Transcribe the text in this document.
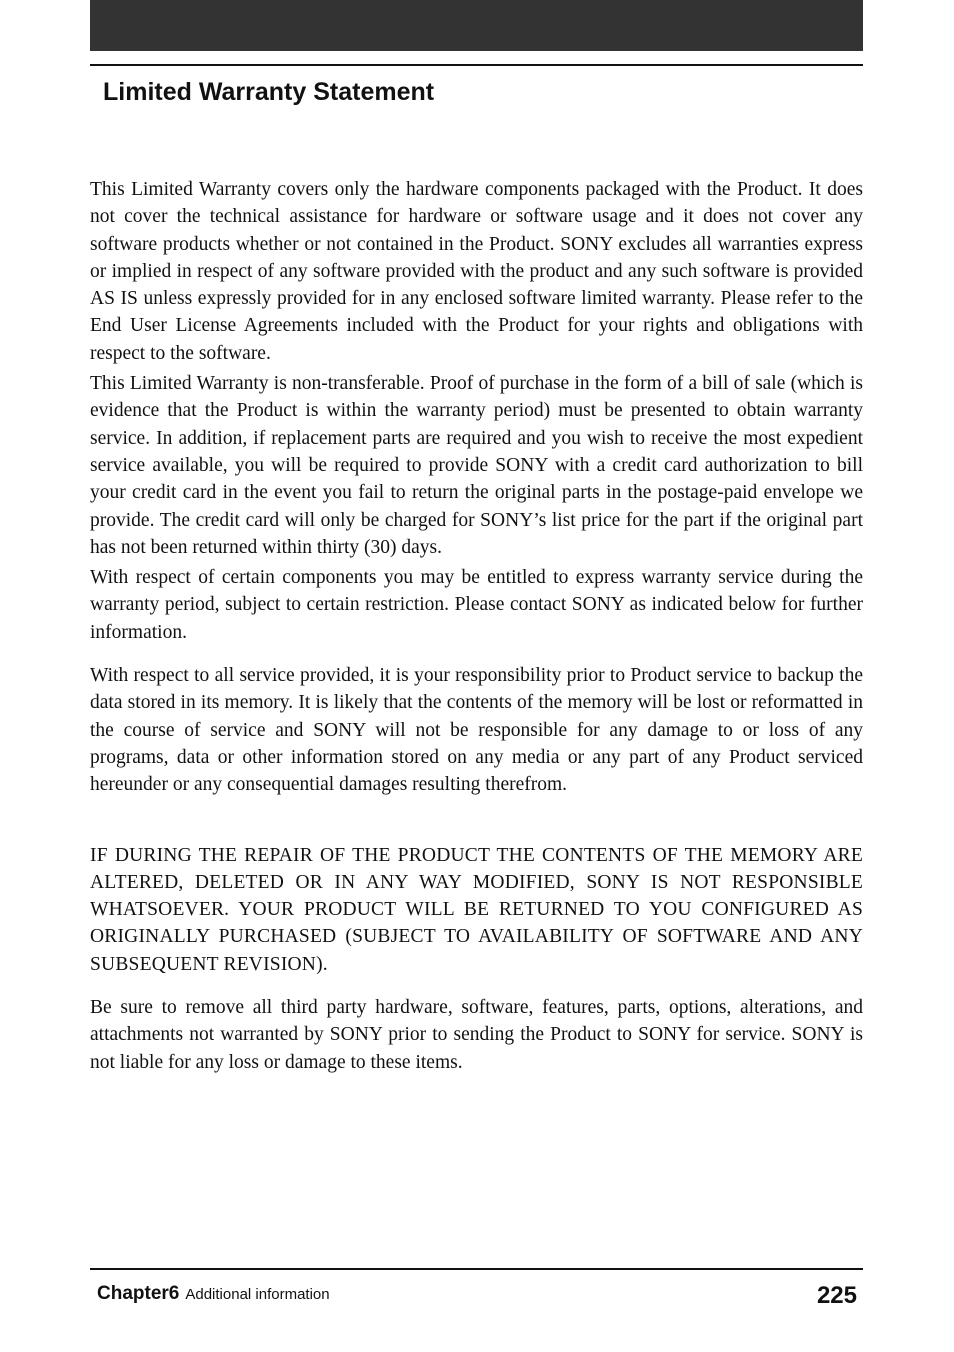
Limited Warranty Statement

This Limited Warranty covers only the hardware components packaged with the Product. It does not cover the technical assistance for hardware or software usage and it does not cover any software products whether or not contained in the Product. SONY excludes all warranties express or implied in respect of any software provided with the product and any such software is provided AS IS unless expressly provided for in any enclosed software limited warranty. Please refer to the End User License Agreements included with the Product for your rights and obligations with respect to the software.

This Limited Warranty is non-transferable. Proof of purchase in the form of a bill of sale (which is evidence that the Product is within the warranty period) must be presented to obtain warranty service. In addition, if replacement parts are required and you wish to receive the most expedient service available, you will be required to provide SONY with a credit card authorization to bill your credit card in the event you fail to return the original parts in the postage-paid envelope we provide. The credit card will only be charged for SONY’s list price for the part if the original part has not been returned within thirty (30) days.

With respect of certain components you may be entitled to express warranty service during the warranty period, subject to certain restriction. Please contact SONY as indicated below for further information.

With respect to all service provided, it is your responsibility prior to Product service to backup the data stored in its memory. It is likely that the contents of the memory will be lost or reformatted in the course of service and SONY will not be responsible for any damage to or loss of any programs, data or other information stored on any media or any part of any Product serviced hereunder or any consequential damages resulting therefrom.

IF DURING THE REPAIR OF THE PRODUCT THE CONTENTS OF THE MEMORY ARE ALTERED, DELETED OR IN ANY WAY MODIFIED, SONY IS NOT RESPONSIBLE WHATSOEVER. YOUR PRODUCT WILL BE RETURNED TO YOU CONFIGURED AS ORIGINALLY PURCHASED (SUBJECT TO AVAILABILITY OF SOFTWARE AND ANY SUBSEQUENT REVISION).

Be sure to remove all third party hardware, software, features, parts, options, alterations, and attachments not warranted by SONY prior to sending the Product to SONY for service. SONY is not liable for any loss or damage to these items.

Chapter6 Additional information	225
